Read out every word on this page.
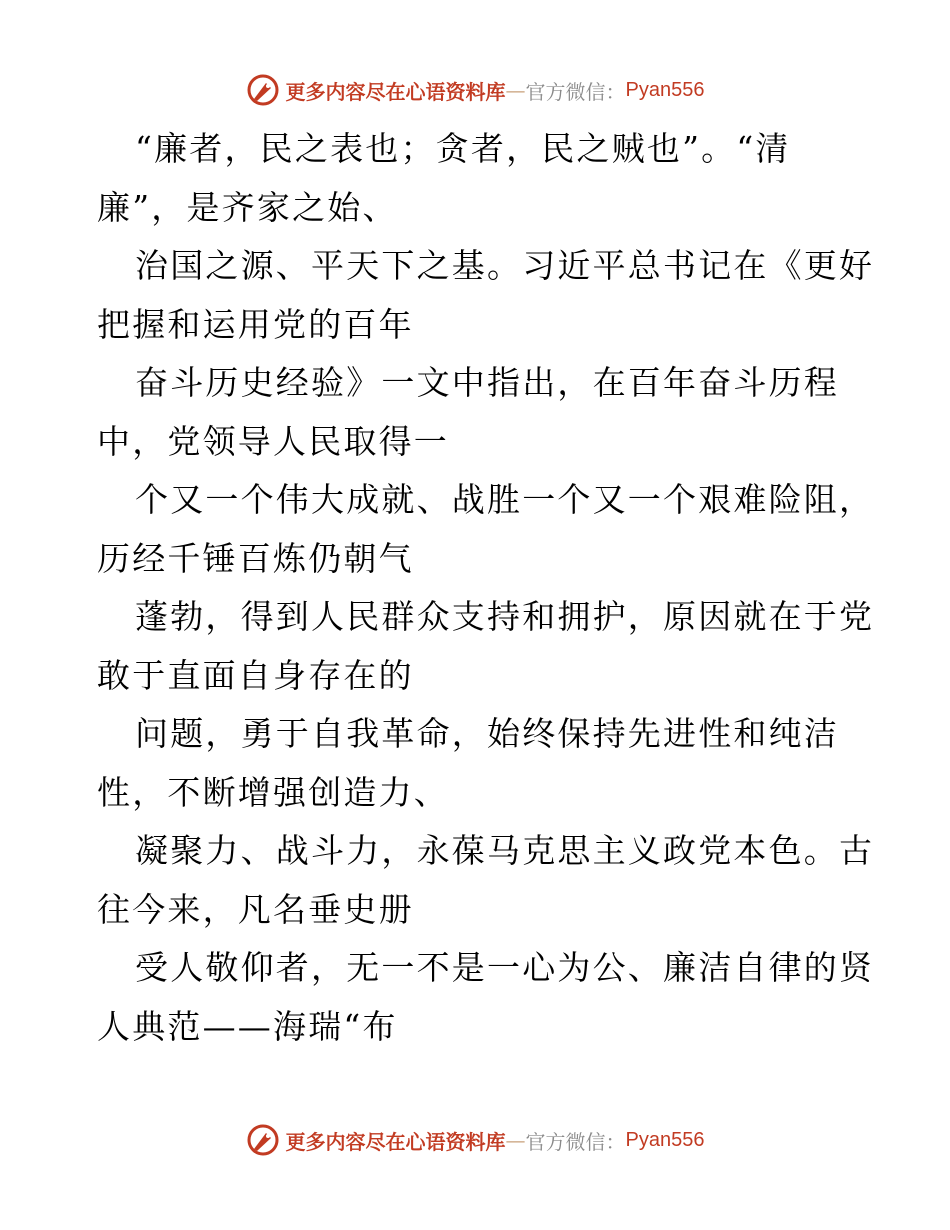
更多内容尽在心语资料库 — 官方微信： Pyan556
“廉者，民之表也；贪者，民之贼也”。“清
廉”，是齐家之始、
治国之源、平天下之基。习近平总书记在《更好
把握和运用党的百年
奋斗历史经验》一文中指出，在百年奋斗历程
中，党领导人民取得一
个又一个伟大成就、战胜一个又一个艰难险阻，
历经千锤百炼仍朝气
蓬勃，得到人民群众支持和拥护，原因就在于党
敢于直面自身存在的
问题，勇于自我革命，始终保持先进性和纯洁
性，不断增强创造力、
凝聚力、战斗力，永葆马克思主义政党本色。古
往今来，凡名垂史册
受人敬仰者，无一不是一心为公、廉洁自律的贤
人典范——海瑞“布
更多内容尽在心语资料库 — 官方微信： Pyan556
